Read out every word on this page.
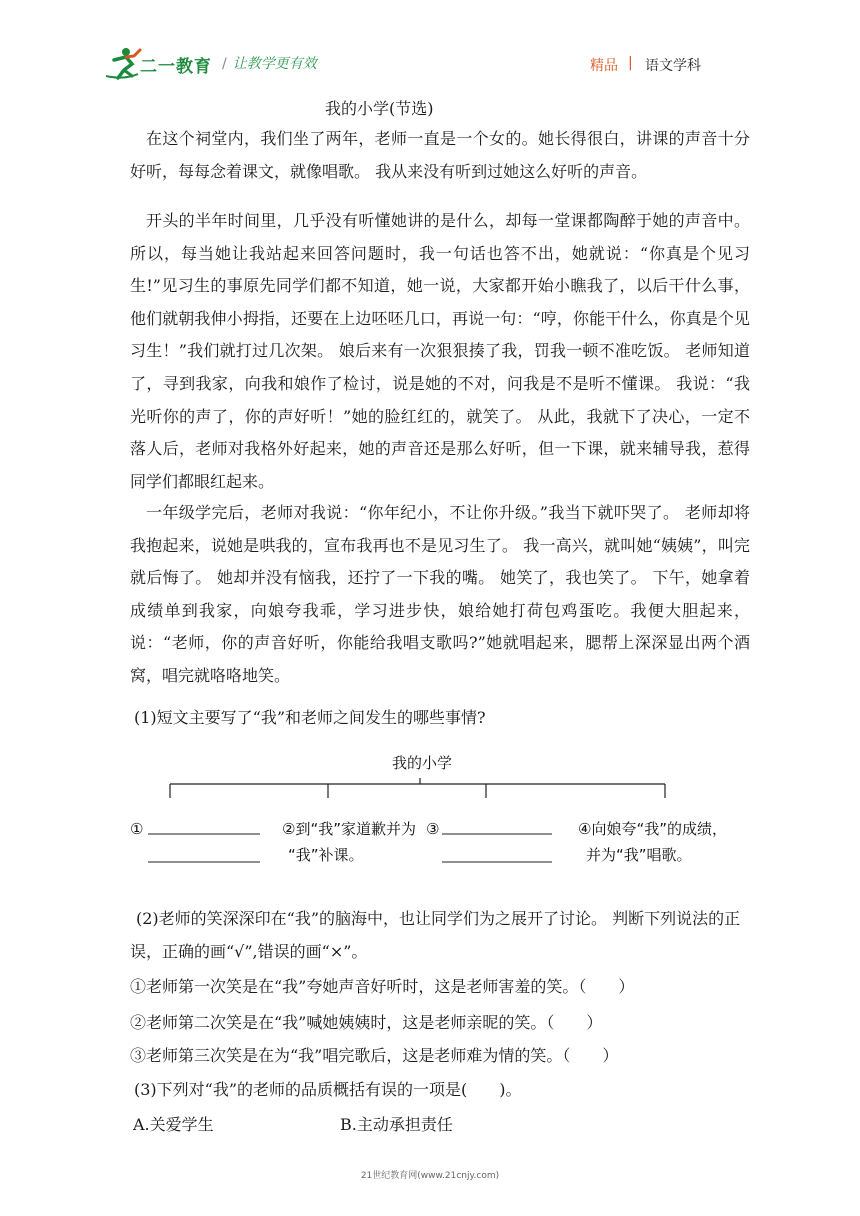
二一教育 / 让教学更有效	精品 | 语文学科
我的小学(节选)

在这个祠堂内，我们坐了两年，老师一直是一个女的。她长得很白，讲课的声音十分好听，每每念着课文，就像唱歌。 我从来没有听到过她这么好听的声音。

开头的半年时间里，几乎没有听懂她讲的是什么，却每一堂课都陶醉于她的声音中。所以，每当她让我站起来回答问题时，我一句话也答不出，她就说：“你真是个见习生!”见习生的事原先同学们都不知道，她一说，大家都开始小瞧我了，以后干什么事，他们就朝我伸小拇指，还要在上边呸呸几口，再说一句：“哼，你能干什么，你真是个见习生！”我们就打过几次架。 娘后来有一次狠狠揍了我，罚我一顿不准吃饭。 老师知道了，寻到我家，向我和娘作了检讨，说是她的不对，问我是不是听不懂课。 我说：“我光听你的声了，你的声好听！”她的脸红红的，就笑了。 从此，我就下了决心，一定不落人后，老师对我格外好起来，她的声音还是那么好听，但一下课，就来辅导我，惹得同学们都眼红起来。

一年级学完后，老师对我说：“你年纪小，不让你升级。”我当下就吓哭了。 老师却将我抱起来，说她是哄我的，宣布我再也不是见习生了。 我一高兴，就叫她“姨姨”，叫完就后悔了。 她却并没有恼我，还拧了一下我的嘴。 她笑了，我也笑了。 下午，她拿着成绩单到我家，向娘夸我乖，学习进步快，娘给她打荷包鸡蛋吃。我便大胆起来，说：“老师，你的声音好听，你能给我唱支歌吗?”她就唱起来，腮帮上深深显出两个酒窝，唱完就咯咯地笑。

(1)短文主要写了“我”和老师之间发生的哪些事情?
我的小学
①	②到“我”家道歉并为
“我”补课。
③	④向娘夸“我”的成绩，
并为“我”唱歌。

(2)老师的笑深深印在“我”的脑海中，也让同学们为之展开了讨论。 判断下列说法的正误，正确的画“√”,错误的画“×”。

①老师第一次笑是在“我”夸她声音好听时，这是老师害羞的笑。（　　）
②老师第二次笑是在“我”喊她姨姨时，这是老师亲昵的笑。（　　）
③老师第三次笑是在为“我”唱完歌后，这是老师难为情的笑。（　　）
(3)下列对“我”的老师的品质概括有误的一项是(　　)。
A.关爱学生	B.主动承担责任
21世纪教育网(www.21cnjy.com)
